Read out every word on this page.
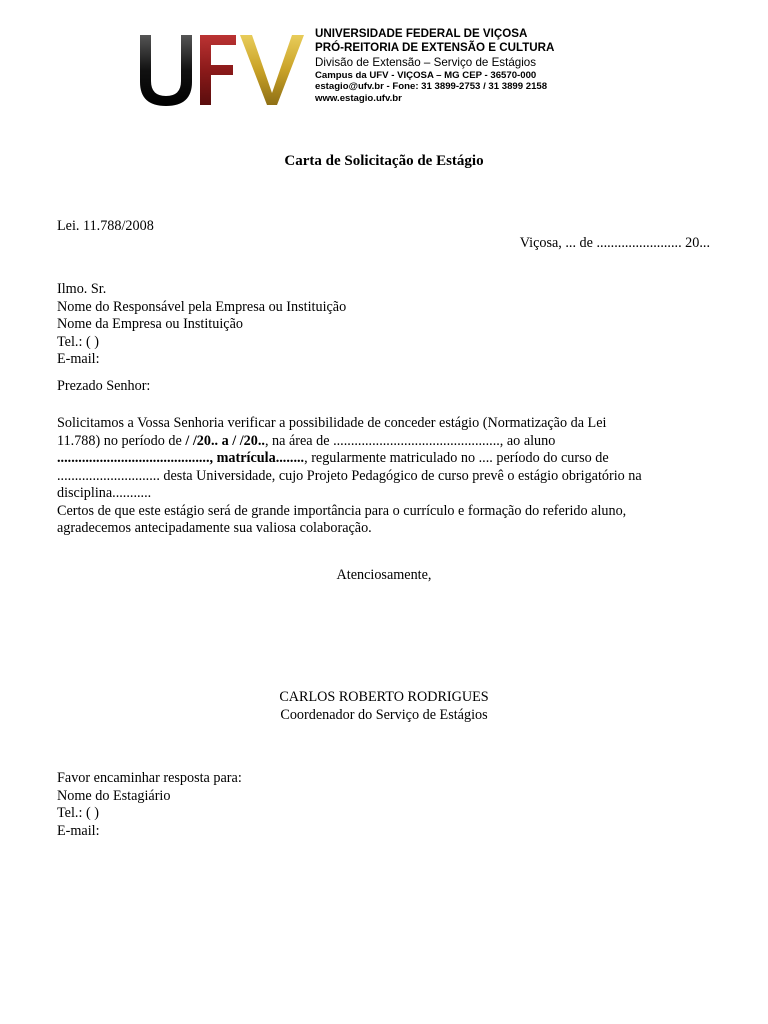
UNIVERSIDADE FEDERAL DE VIÇOSA
PRÓ-REITORIA DE EXTENSÃO E CULTURA
Divisão de Extensão – Serviço de Estágios
Campus da UFV - VIÇOSA – MG CEP - 36570-000
estagio@ufv.br - Fone: 31 3899-2753 / 31 3899 2158
www.estagio.ufv.br
Carta de Solicitação de Estágio
Lei. 11.788/2008
Viçosa, ... de ........................ 20...
Ilmo. Sr.
Nome do Responsável pela Empresa ou Instituição
Nome da Empresa ou Instituição
Tel.: ( )
E-mail:
Prezado Senhor:
Solicitamos a Vossa Senhoria verificar a possibilidade de conceder estágio (Normatização da Lei
11.788) no período de / /20.. a / /20.., na área de ..............................................., ao aluno
..........................................., matrícula........, regularmente matriculado no .... período do curso de
............................. desta Universidade, cujo Projeto Pedagógico de curso prevê o estágio obrigatório na
disciplina...........
Certos de que este estágio será de grande importância para o currículo e formação do referido aluno,
agradecemos antecipadamente sua valiosa colaboração.
Atenciosamente,
CARLOS ROBERTO RODRIGUES
Coordenador do Serviço de Estágios
Favor encaminhar resposta para:
Nome do Estagiário
Tel.: ( )
E-mail:
